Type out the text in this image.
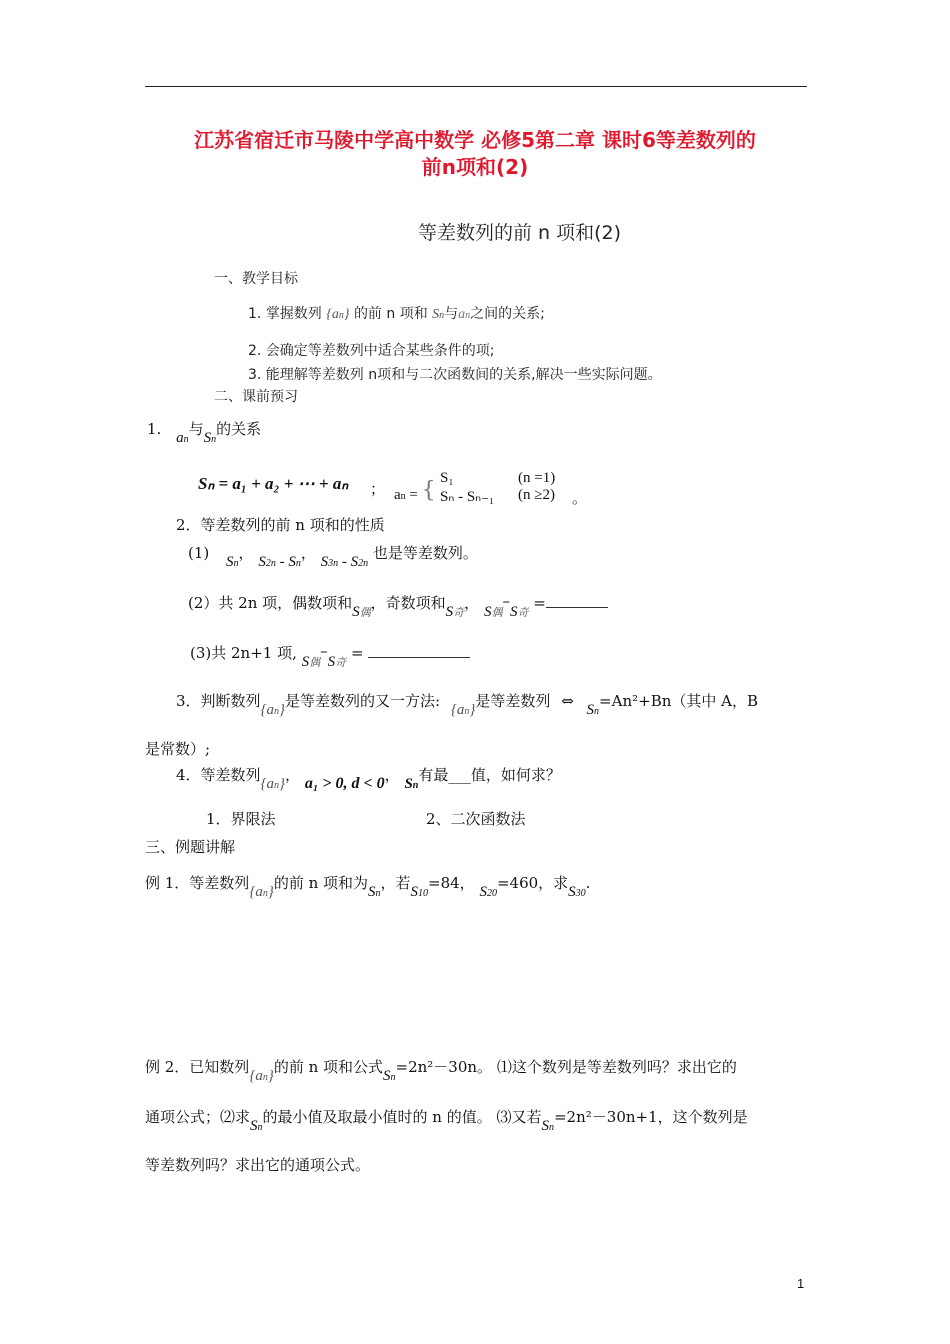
江苏省宿迁市马陵中学高中数学 必修5第二章 课时6等差数列的
前n项和(2)
等差数列的前 n 项和(2)
一、教学目标
1. 掌握数列 {an} 的前 n 项和 Sn与an之间的关系;
2. 会确定等差数列中适合某些条件的项;
3. 能理解等差数列 n项和与二次函数间的关系,解决一些实际问题。
二、课前预习
1. an与Sn的关系
Sₙ = a₁ + a₂ + ⋯ + aₙ ； an = { S₁	(n =1)
Sₙ - Sₙ₋₁ (n ≥2) 。
2．等差数列的前 n 项和的性质
(1) Sn， S2n - Sn， S3n - S2n 也是等差数列。
(2）共 2n 项，偶数项和S偶，奇数项和S奇， S偶–S奇 =
(3)共 2n+1 项, S偶–S奇 =
3．判断数列{an}是等差数列的又一方法: {an}是等差数列 ⇔ Sn=An²+Bn（其中 A，B
是常数）;
4．等差数列{an}， a₁ > 0, d < 0， Sn有最___值，如何求？
1．界限法	2、二次函数法
三、例题讲解
例 1．等差数列{an}的前 n 项和为Sn，若S10=84， S20=460，求S30.
例 2．已知数列{an}的前 n 项和公式Sn=2n²－30n。 ⑴这个数列是等差数列吗？求出它的
通项公式；⑵求Sn的最小值及取最小值时的 n 的值。 ⑶又若Sn=2n²－30n+1，这个数列是
等差数列吗？求出它的通项公式。
1
